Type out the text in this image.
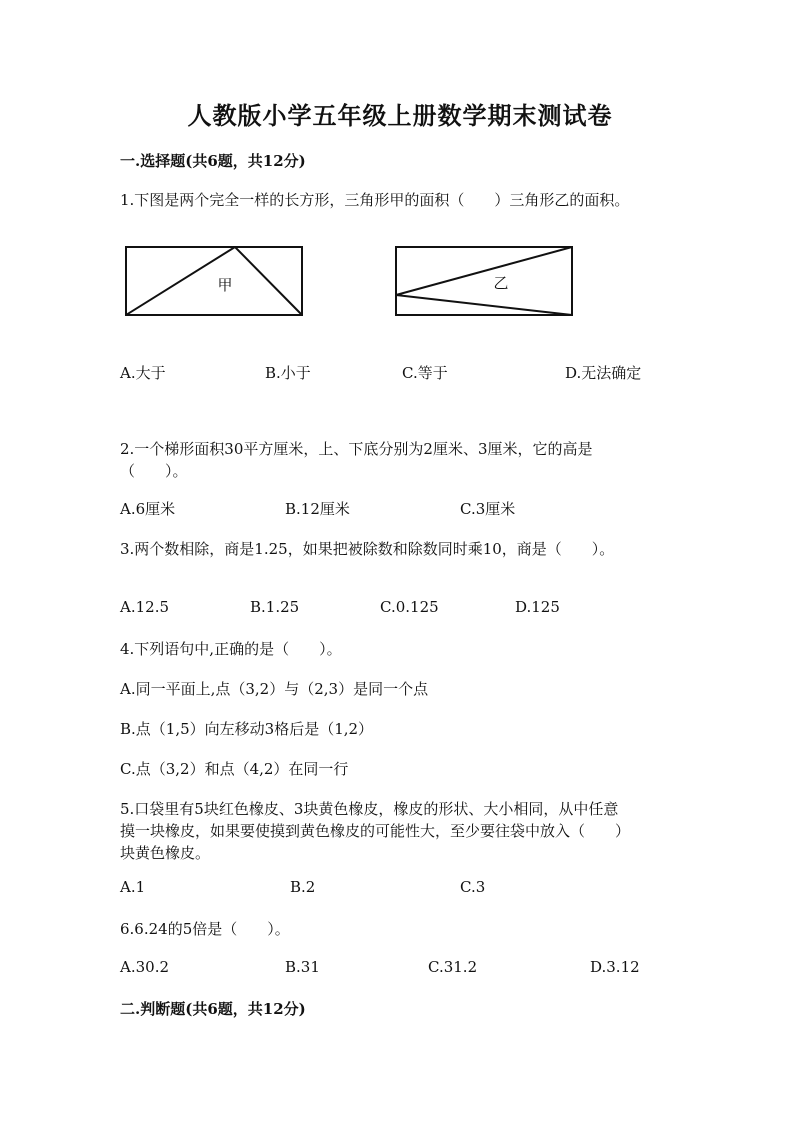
人教版小学五年级上册数学期末测试卷
一.选择题(共6题，共12分)
1.下图是两个完全一样的长方形，三角形甲的面积（　　）三角形乙的面积。
甲	乙
A.大于	B.小于	C.等于	D.无法确定
2.一个梯形面积30平方厘米，上、下底分别为2厘米、3厘米，它的高是
（　　）。
A.6厘米	B.12厘米	C.3厘米
3.两个数相除，商是1.25，如果把被除数和除数同时乘10，商是（　　）。
A.12.5	B.1.25	C.0.125	D.125
4.下列语句中,正确的是（　　）。
A.同一平面上,点（3,2）与（2,3）是同一个点
B.点（1,5）向左移动3格后是（1,2）
C.点（3,2）和点（4,2）在同一行
5.口袋里有5块红色橡皮、3块黄色橡皮，橡皮的形状、大小相同，从中任意
摸一块橡皮，如果要使摸到黄色橡皮的可能性大，至少要往袋中放入（　　）
块黄色橡皮。
A.1	B.2	C.3
6.6.24的5倍是（　　）。
A.30.2	B.31	C.31.2	D.3.12
二.判断题(共6题，共12分)
